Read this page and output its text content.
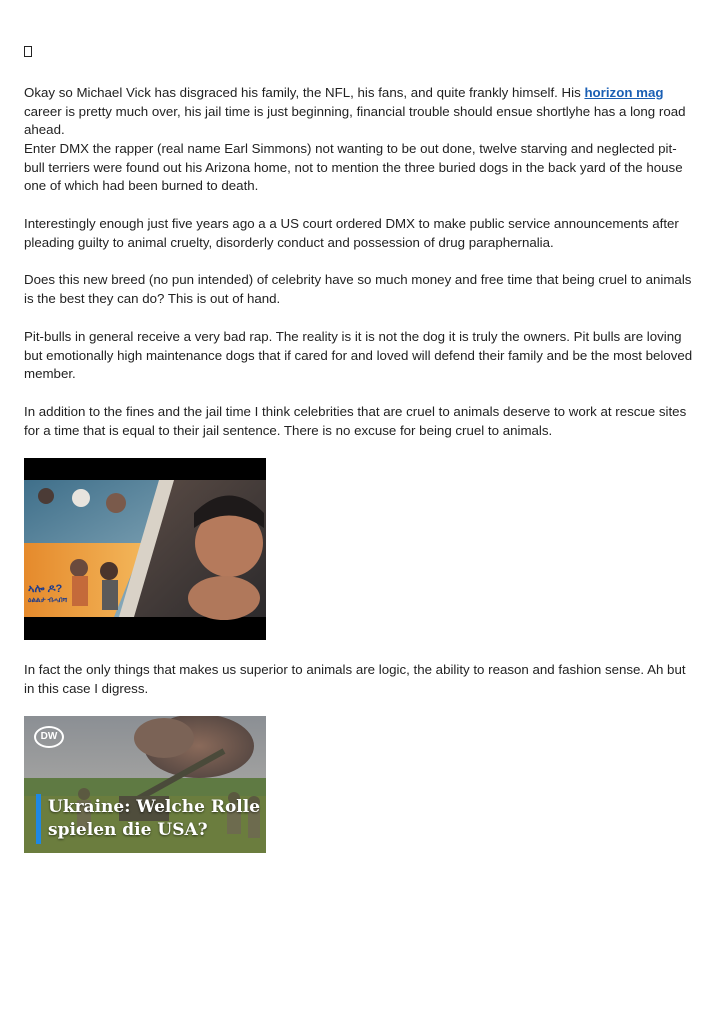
Okay so Michael Vick has disgraced his family, the NFL, his fans, and quite frankly himself. His horizon mag career is pretty much over, his jail time is just beginning, financial trouble should ensue shortlyhe has a long road ahead.

Enter DMX the rapper (real name Earl Simmons) not wanting to be out done, twelve starving and neglected pit-bull terriers were found out his Arizona home, not to mention the three buried dogs in the back yard of the house one of which had been burned to death.

Interestingly enough just five years ago a a US court ordered DMX to make public service announcements after pleading guilty to animal cruelty, disorderly conduct and possession of drug paraphernalia.

Does this new breed (no pun intended) of celebrity have so much money and free time that being cruel to animals is the best they can do? This is out of hand.

Pit-bulls in general receive a very bad rap. The reality is it is not the dog it is truly the owners. Pit bulls are loving but emotionally high maintenance dogs that if cared for and loved will defend their family and be the most beloved member.

In addition to the fines and the jail time I think celebrities that are cruel to animals deserve to work at rescue sites for a time that is equal to their jail sentence. There is no excuse for being cruel to animals.

ኣሎ ዶ?
ዕልልታ ብሓበሻ

In fact the only things that makes us superior to animals are logic, the ability to reason and fashion sense. Ah but in this case I digress.

DW
Ukraine: Welche Rolle
spielen die USA?
